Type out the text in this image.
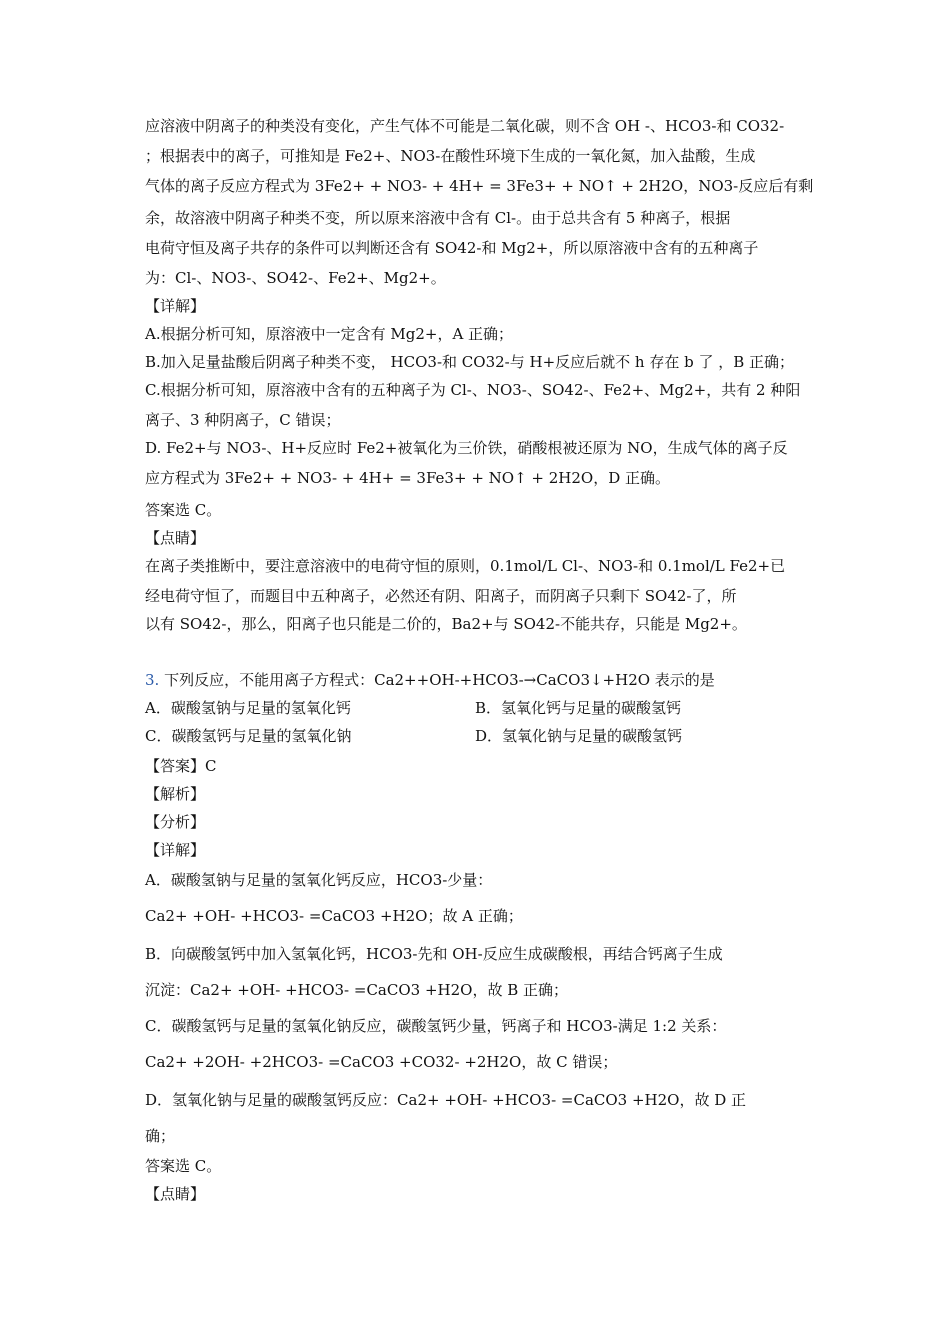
应溶液中阴离子的种类没有变化，产生气体不可能是二氧化碳，则不含 OH -、HCO3-和 CO32-
；根据表中的离子，可推知是 Fe2+、NO3-在酸性环境下生成的一氧化氮，加入盐酸，生成
气体的离子反应方程式为 3Fe2+ + NO3- + 4H+ = 3Fe3+ + NO↑ + 2H2O，NO3-反应后有剩
余，故溶液中阴离子种类不变，所以原来溶液中含有 Cl-。由于总共含有 5 种离子，根据
电荷守恒及离子共存的条件可以判断还含有 SO42-和 Mg2+，所以原溶液中含有的五种离子
为：Cl-、NO3-、SO42-、Fe2+、Mg2+。
【详解】
A.根据分析可知，原溶液中一定含有 Mg2+，A 正确；
B.加入足量盐酸后阴离子种类不变， HCO3-和 CO32-与 H+反应后就不 h 存在 b 了 ，B 正确；
C.根据分析可知，原溶液中含有的五种离子为 Cl-、NO3-、SO42-、Fe2+、Mg2+，共有 2 种阳
离子、3 种阴离子，C 错误；
D. Fe2+与 NO3-、H+反应时 Fe2+被氧化为三价铁，硝酸根被还原为 NO，生成气体的离子反
应方程式为 3Fe2+ + NO3- + 4H+ = 3Fe3+ + NO↑ + 2H2O，D 正确。
答案选 C。
【点睛】
在离子类推断中，要注意溶液中的电荷守恒的原则，0.1mol/L Cl-、NO3-和 0.1mol/L Fe2+已
经电荷守恒了，而题目中五种离子，必然还有阴、阳离子，而阴离子只剩下 SO42-了，所
以有 SO42-，那么，阳离子也只能是二价的，Ba2+与 SO42-不能共存，只能是 Mg2+。
3. 下列反应，不能用离子方程式：Ca2++OH-+HCO3-→CaCO3↓+H2O 表示的是
A．碳酸氢钠与足量的氢氧化钙	B．氢氧化钙与足量的碳酸氢钙
C．碳酸氢钙与足量的氢氧化钠	D．氢氧化钠与足量的碳酸氢钙
【答案】C
【解析】
【分析】
【详解】
A．碳酸氢钠与足量的氢氧化钙反应，HCO3-少量：
Ca2+ +OH- +HCO3- =CaCO3 +H2O；故 A 正确；
B．向碳酸氢钙中加入氢氧化钙，HCO3-先和 OH-反应生成碳酸根，再结合钙离子生成
沉淀：Ca2+ +OH- +HCO3- =CaCO3 +H2O，故 B 正确；
C．碳酸氢钙与足量的氢氧化钠反应，碳酸氢钙少量，钙离子和 HCO3-满足 1:2 关系：
Ca2+ +2OH- +2HCO3- =CaCO3 +CO32- +2H2O，故 C 错误；
D．氢氧化钠与足量的碳酸氢钙反应：Ca2+ +OH- +HCO3- =CaCO3 +H2O，故 D 正
确；
答案选 C。
【点睛】
